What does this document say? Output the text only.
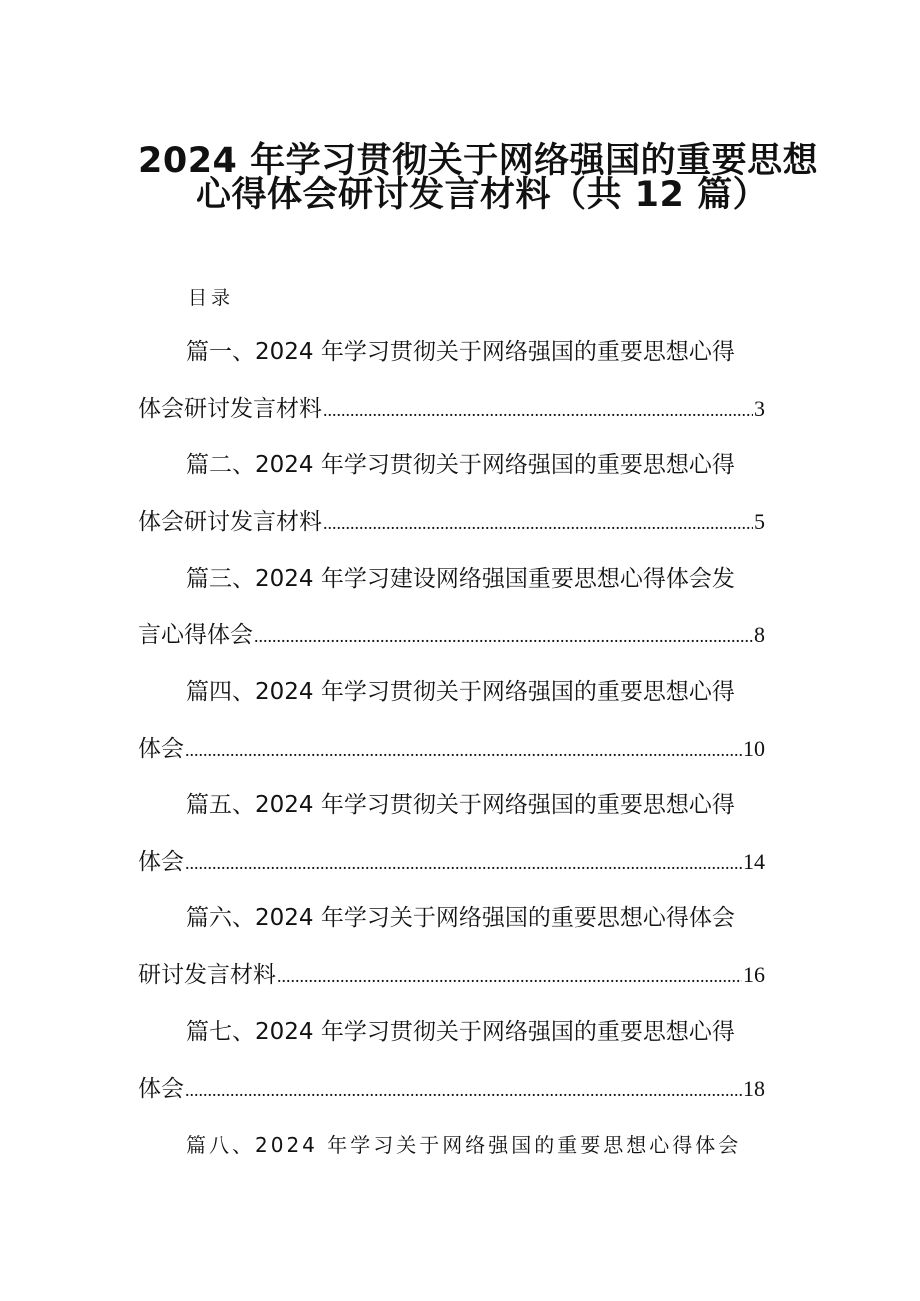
2024 年学习贯彻关于网络强国的重要思想
心得体会研讨发言材料（共 12 篇）
目录
篇一、2024 年学习贯彻关于网络强国的重要思想心得
体会研讨发言材料 .....	3
篇二、2024 年学习贯彻关于网络强国的重要思想心得
体会研讨发言材料 .....	5
篇三、2024 年学习建设网络强国重要思想心得体会发
言心得体会 .....	8
篇四、2024 年学习贯彻关于网络强国的重要思想心得
体会 .....	10
篇五、2024 年学习贯彻关于网络强国的重要思想心得
体会 .....	14
篇六、2024 年学习关于网络强国的重要思想心得体会
研讨发言材料 .....	16
篇七、2024 年学习贯彻关于网络强国的重要思想心得
体会 .....	18
篇八、2024 年学习关于网络强国的重要思想心得体会
